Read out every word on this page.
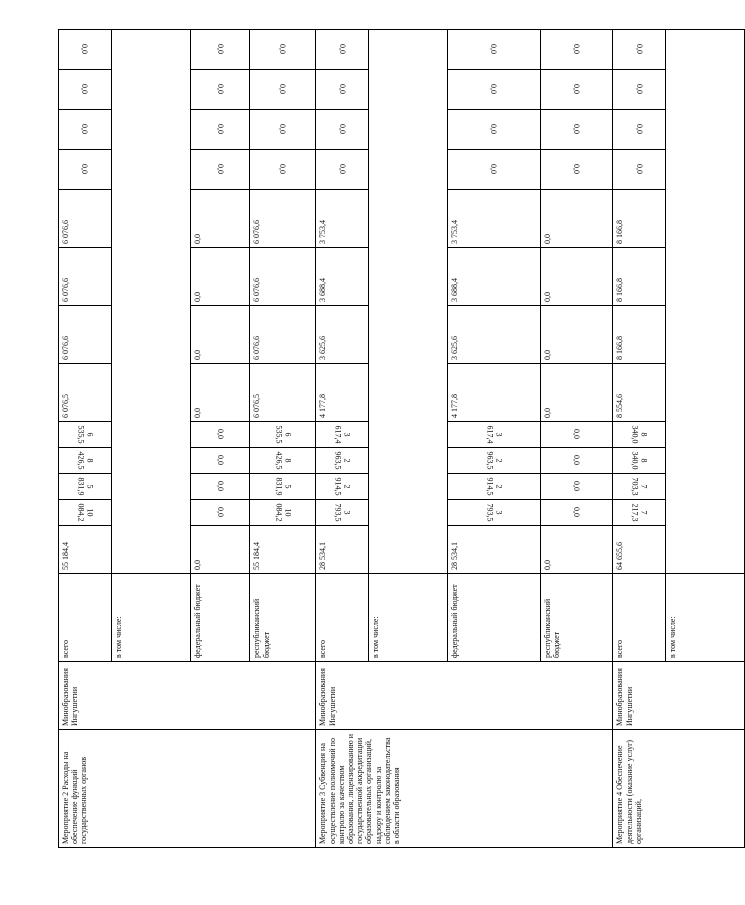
Мероприятие 2 Расходы на обеспечение функций государственных органов	Минобразования Ингушетии	всего	55 184,4	10 084,2	5 831,9	8 426,5	6 535,5	6 076,5	6 076,6	6 076,6	6 076,6	0,0	0,0	0,0	0,0
		в том числе:													
		федеральный бюджет	0,0	0,0	0,0	0,0	0,0	0,0	0,0	0,0	0,0	0,0	0,0	0,0	0,0
		республиканский бюджет	55 184,4	10 084,2	5 831,9	8 426,5	6 535,5	6 076,5	6 076,6	6 076,6	6 076,6	0,0	0,0	0,0	0,0
Мероприятие 3 Субвенция на осуществление полномочий по контролю за качеством образования, лицензированию и государственной аккредитации образовательных организаций, надзору и контролю за соблюдением законодательства в области образования	Минобразования Ингушетии	всего	28 534,1	3 793,5	2 914,5	2 963,5	3 617,4	4 177,8	3 625,6	3 688,4	3 753,4	0,0	0,0	0,0	0,0
		в том числе:													
		федеральный бюджет	28 534,1	3 793,5	2 914,5	2 963,5	3 617,4	4 177,8	3 625,6	3 688,4	3 753,4	0,0	0,0	0,0	0,0
		республиканский бюджет	0,0	0,0	0,0	0,0	0,0	0,0	0,0	0,0	0,0	0,0	0,0	0,0	0,0
Мероприятие 4 Обеспечение деятельности (оказание услуг) организаций,	Минобразования Ингушетии	всего	64 655,6	7 217,3	7 703,3	8 340,0	8 340,0	8 554,6	8 166,8	8 166,8	8 166,8	0,0	0,0	0,0	0,0
		в том числе:													
